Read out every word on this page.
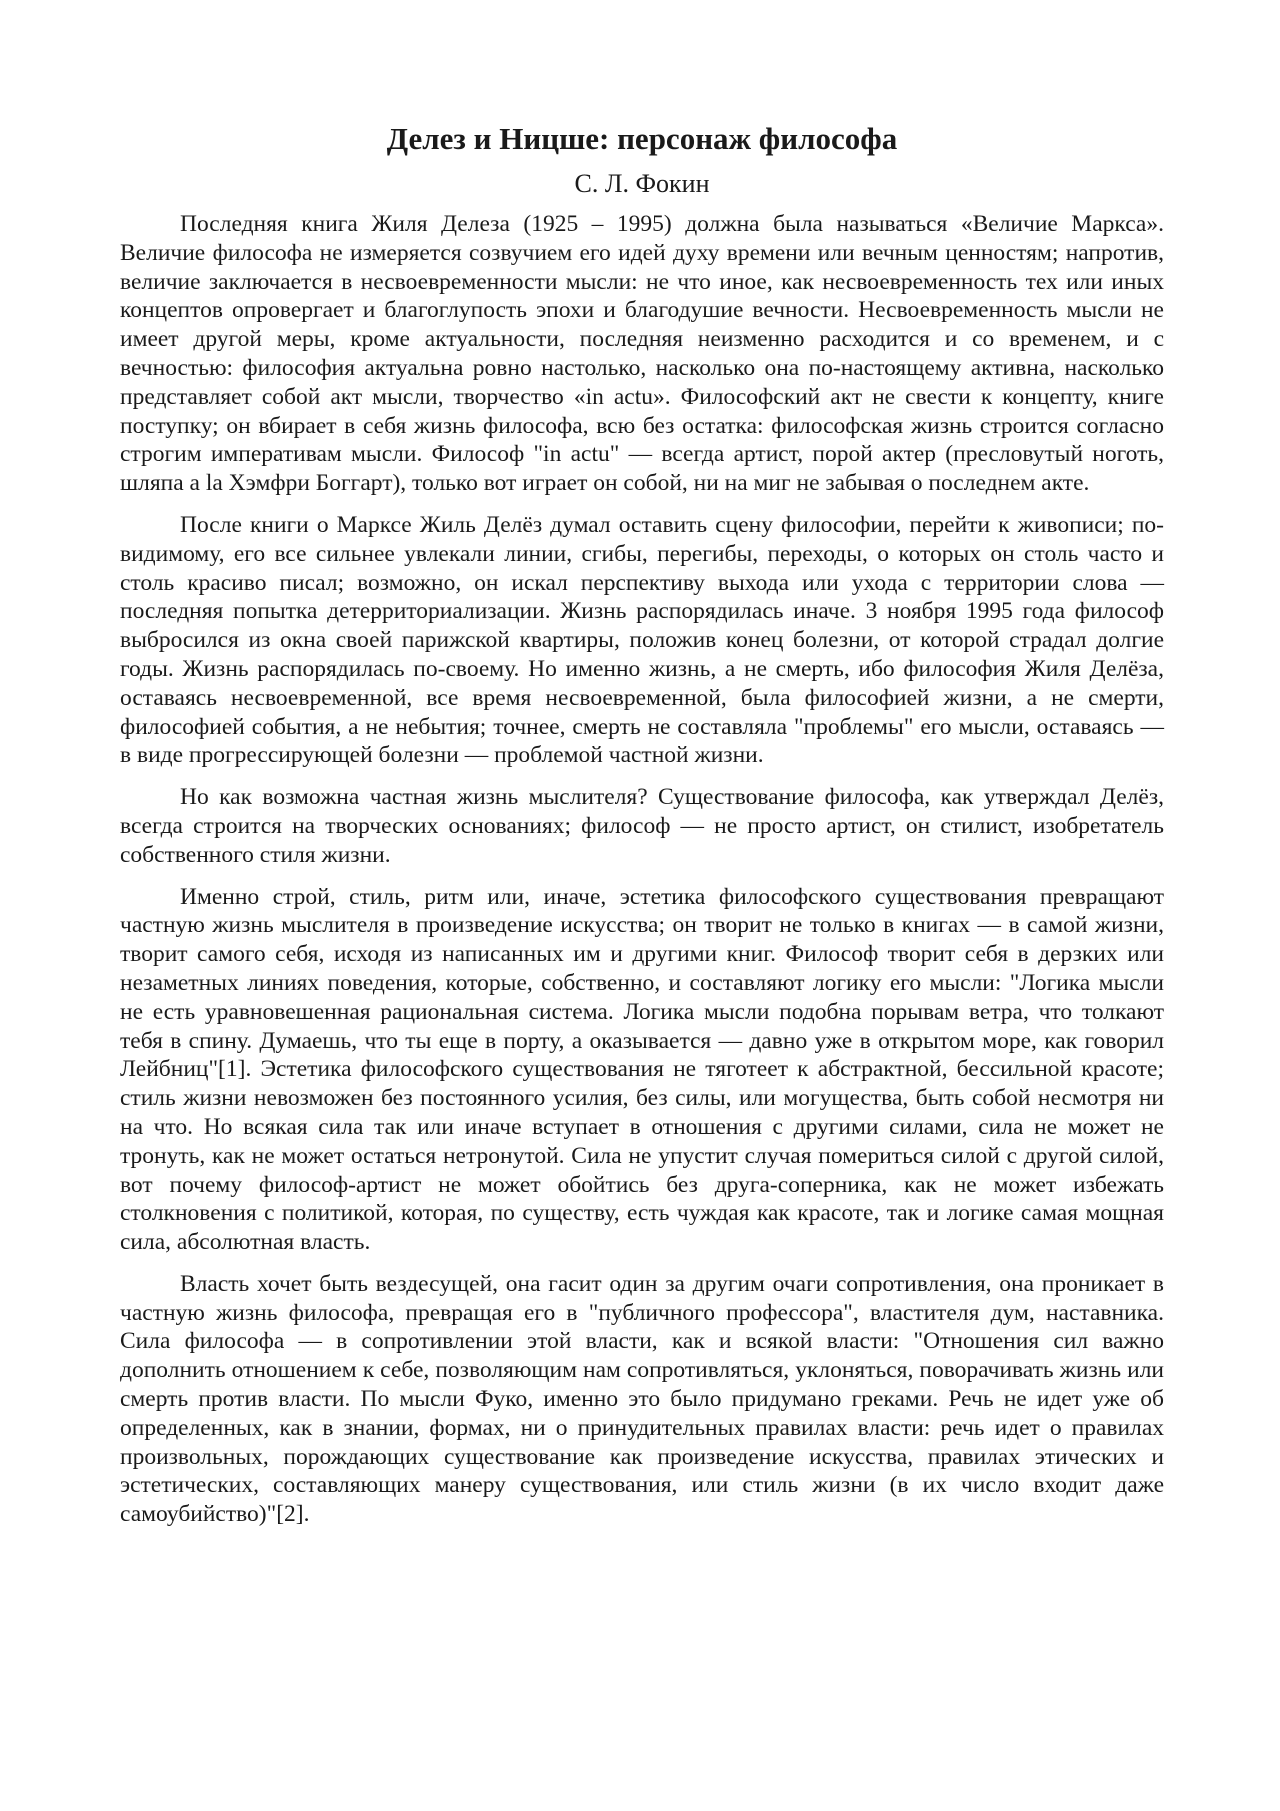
Делез и Ницше: персонаж философа
С. Л. Фокин

Последняя книга Жиля Делеза (1925 – 1995) должна была называться «Величие Маркса». Величие философа не измеряется созвучием его идей духу времени или вечным ценностям; напротив, величие заключается в несвоевременности мысли: не что иное, как несвоевременность тех или иных концептов опровергает и благоглупость эпохи и благодушие вечности. Несвоевременность мысли не имеет другой меры, кроме актуальности, последняя неизменно расходится и со временем, и с вечностью: философия актуальна ровно настолько, насколько она по-настоящему активна, насколько представляет собой акт мысли, творчество «in actu». Философский акт не свести к концепту, книге поступку; он вбирает в себя жизнь философа, всю без остатка: философская жизнь строится согласно строгим императивам мысли. Философ "in actu" — всегда артист, порой актер (пресловутый ноготь, шляпа а la Хэмфри Боггарт), только вот играет он собой, ни на миг не забывая о последнем акте.

После книги о Марксе Жиль Делёз думал оставить сцену философии, перейти к живописи; по-видимому, его все сильнее увлекали линии, сгибы, перегибы, переходы, о которых он столь часто и столь красиво писал; возможно, он искал перспективу выхода или ухода с территории слова — последняя попытка детерриториализации. Жизнь распорядилась иначе. 3 ноября 1995 года философ выбросился из окна своей парижской квартиры, положив конец болезни, от которой страдал долгие годы. Жизнь распорядилась по-своему. Но именно жизнь, а не смерть, ибо философия Жиля Делёза, оставаясь несвоевременной, все время несвоевременной, была философией жизни, а не смерти, философией события, а не небытия; точнее, смерть не составляла "проблемы" его мысли, оставаясь — в виде прогрессирующей болезни — проблемой частной жизни.

Но как возможна частная жизнь мыслителя? Существование философа, как утверждал Делёз, всегда строится на творческих основаниях; философ — не просто артист, он стилист, изобретатель собственного стиля жизни.

Именно строй, стиль, ритм или, иначе, эстетика философского существования превращают частную жизнь мыслителя в произведение искусства; он творит не только в книгах — в самой жизни, творит самого себя, исходя из написанных им и другими книг. Философ творит себя в дерзких или незаметных линиях поведения, которые, собственно, и составляют логику его мысли: "Логика мысли не есть уравновешенная рациональная система. Логика мысли подобна порывам ветра, что толкают тебя в спину. Думаешь, что ты еще в порту, а оказывается — давно уже в открытом море, как говорил Лейбниц"[1]. Эстетика философского существования не тяготеет к абстрактной, бессильной красоте; стиль жизни невозможен без постоянного усилия, без силы, или могущества, быть собой несмотря ни на что. Но всякая сила так или иначе вступает в отношения с другими силами, сила не может не тронуть, как не может остаться нетронутой. Сила не упустит случая помериться силой с другой силой, вот почему философ-артист не может обойтись без друга-соперника, как не может избежать столкновения с политикой, которая, по существу, есть чуждая как красоте, так и логике самая мощная сила, абсолютная власть.

Власть хочет быть вездесущей, она гасит один за другим очаги сопротивления, она проникает в частную жизнь философа, превращая его в "публичного профессора", властителя дум, наставника. Сила философа — в сопротивлении этой власти, как и всякой власти: "Отношения сил важно дополнить отношением к себе, позволяющим нам сопротивляться, уклоняться, поворачивать жизнь или смерть против власти. По мысли Фуко, именно это было придумано греками. Речь не идет уже об определенных, как в знании, формах, ни о принудительных правилах власти: речь идет о правилах произвольных, порождающих существование как произведение искусства, правилах этических и эстетических, составляющих манеру существования, или стиль жизни (в их число входит даже самоубийство)"[2].
